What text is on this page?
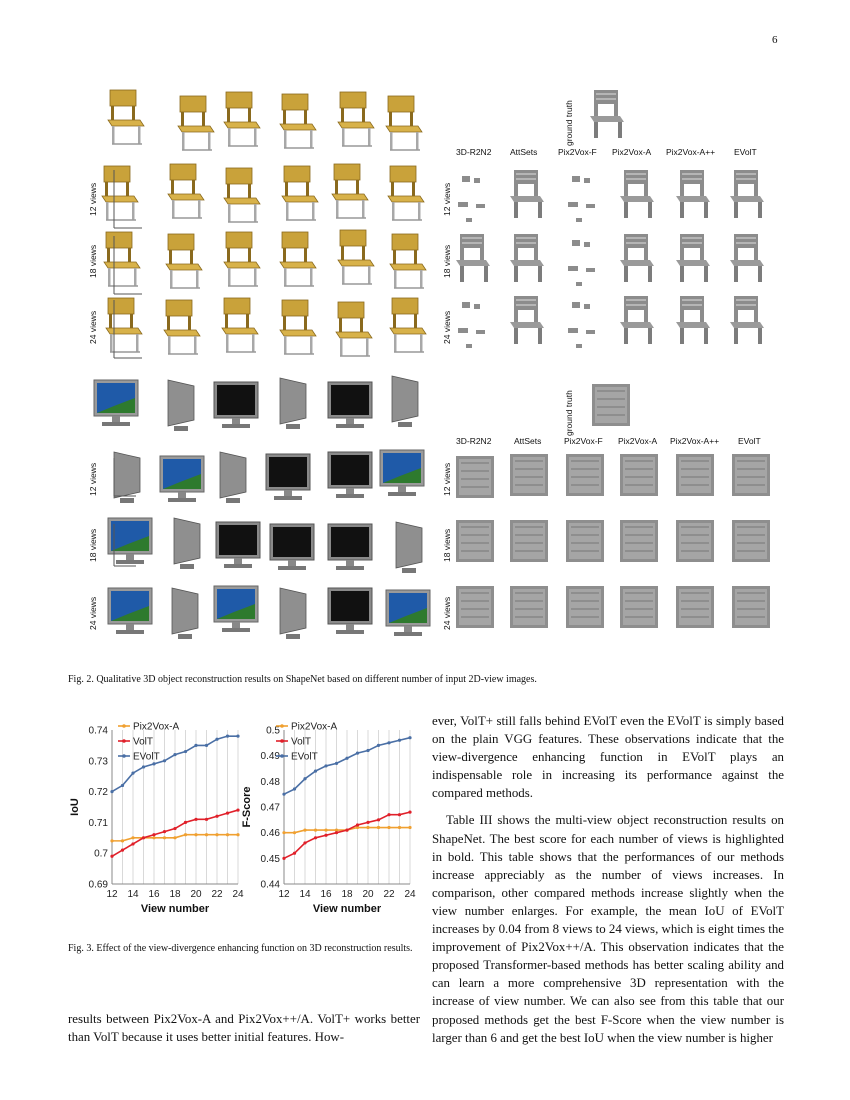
6
ground truth
ground truth
12 views
18 views
24 views
12 views
18 views
24 views
3D-R2N2 AttSets Pix2Vox-F Pix2Vox-A Pix2Vox-A++ EVolT
12 views
18 views
24 views
12 views
18 views
24 views
3D-R2N2	AttSets	Pix2Vox-F Pix2Vox-A Pix2Vox-A++ EVolT
Fig. 2. Qualitative 3D object reconstruction results on ShapeNet based on different number of input 2D-view images.
0.69
0.7
0.71
0.72
0.73
0.74
12 14 16 18 20 22 24
View number
IoU
Pix2Vox-A
VolT
EVolT
0.44
0.45
0.46
0.47
0.48
0.49
0.5
12 14 16 18 20 22 24
View number
F-Score
Pix2Vox-A
VolT
EVolT
Fig. 3. Effect of the view-divergence enhancing function on 3D reconstruction results.

results between Pix2Vox-A and Pix2Vox++/A. VolT+ works better than VolT because it uses better initial features. How-

ever, VolT+ still falls behind EVolT even the EVolT is simply based on the plain VGG features. These observations indicate that the view-divergence enhancing function in EVolT plays an indispensable role in increasing its performance against the compared methods.

Table III shows the multi-view object reconstruction results on ShapeNet. The best score for each number of views is highlighted in bold. This table shows that the performances of our methods increase appreciably as the number of views increases. In comparison, other compared methods increase slightly when the view number enlarges. For example, the mean IoU of EVolT increases by 0.04 from 8 views to 24 views, which is eight times the improvement of Pix2Vox++/A. This observation indicates that the proposed Transformer-based methods has better scaling ability and can learn a more comprehensive 3D representation with the increase of view number. We can also see from this table that our proposed methods get the best F-Score when the view number is larger than 6 and get the best IoU when the view number is higher
